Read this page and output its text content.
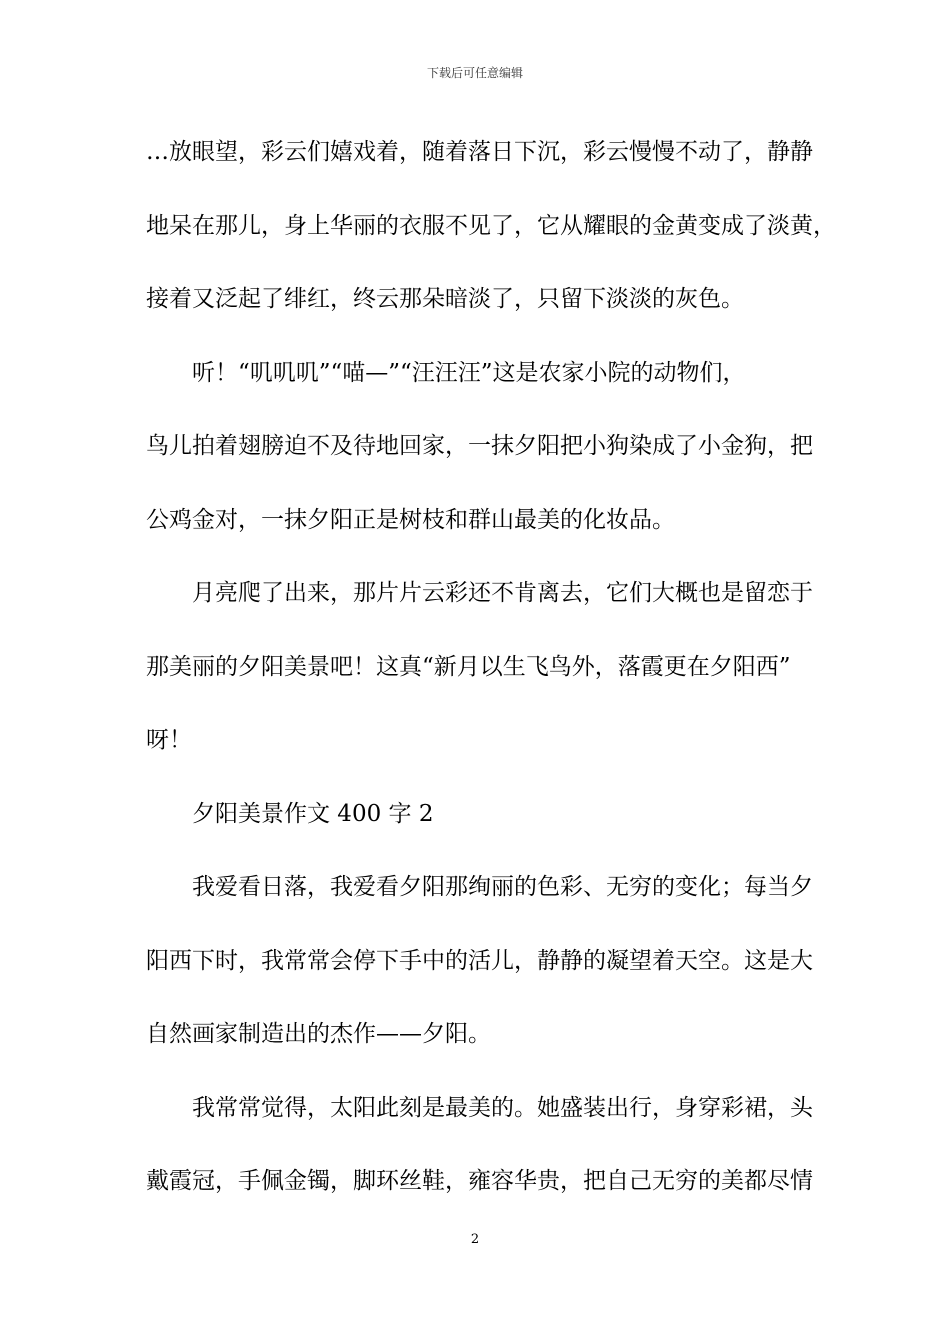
下载后可任意编辑
…放眼望，彩云们嬉戏着，随着落日下沉，彩云慢慢不动了，静静
地呆在那儿，身上华丽的衣服不见了，它从耀眼的金黄变成了淡黄，
接着又泛起了绯红，终云那朵暗淡了，只留下淡淡的灰色。
听！“叽叽叽”“喵—”“汪汪汪”这是农家小院的动物们，
鸟儿拍着翅膀迫不及待地回家，一抹夕阳把小狗染成了小金狗，把
公鸡金对，一抹夕阳正是树枝和群山最美的化妆品。
月亮爬了出来，那片片云彩还不肯离去，它们大概也是留恋于
那美丽的夕阳美景吧！这真“新月以生飞鸟外，落霞更在夕阳西”
呀！
夕阳美景作文 400 字 2
我爱看日落，我爱看夕阳那绚丽的色彩、无穷的变化；每当夕
阳西下时，我常常会停下手中的活儿，静静的凝望着天空。这是大
自然画家制造出的杰作——夕阳。
我常常觉得，太阳此刻是最美的。她盛装出行，身穿彩裙，头
戴霞冠，手佩金镯，脚环丝鞋，雍容华贵，把自己无穷的美都尽情
2
